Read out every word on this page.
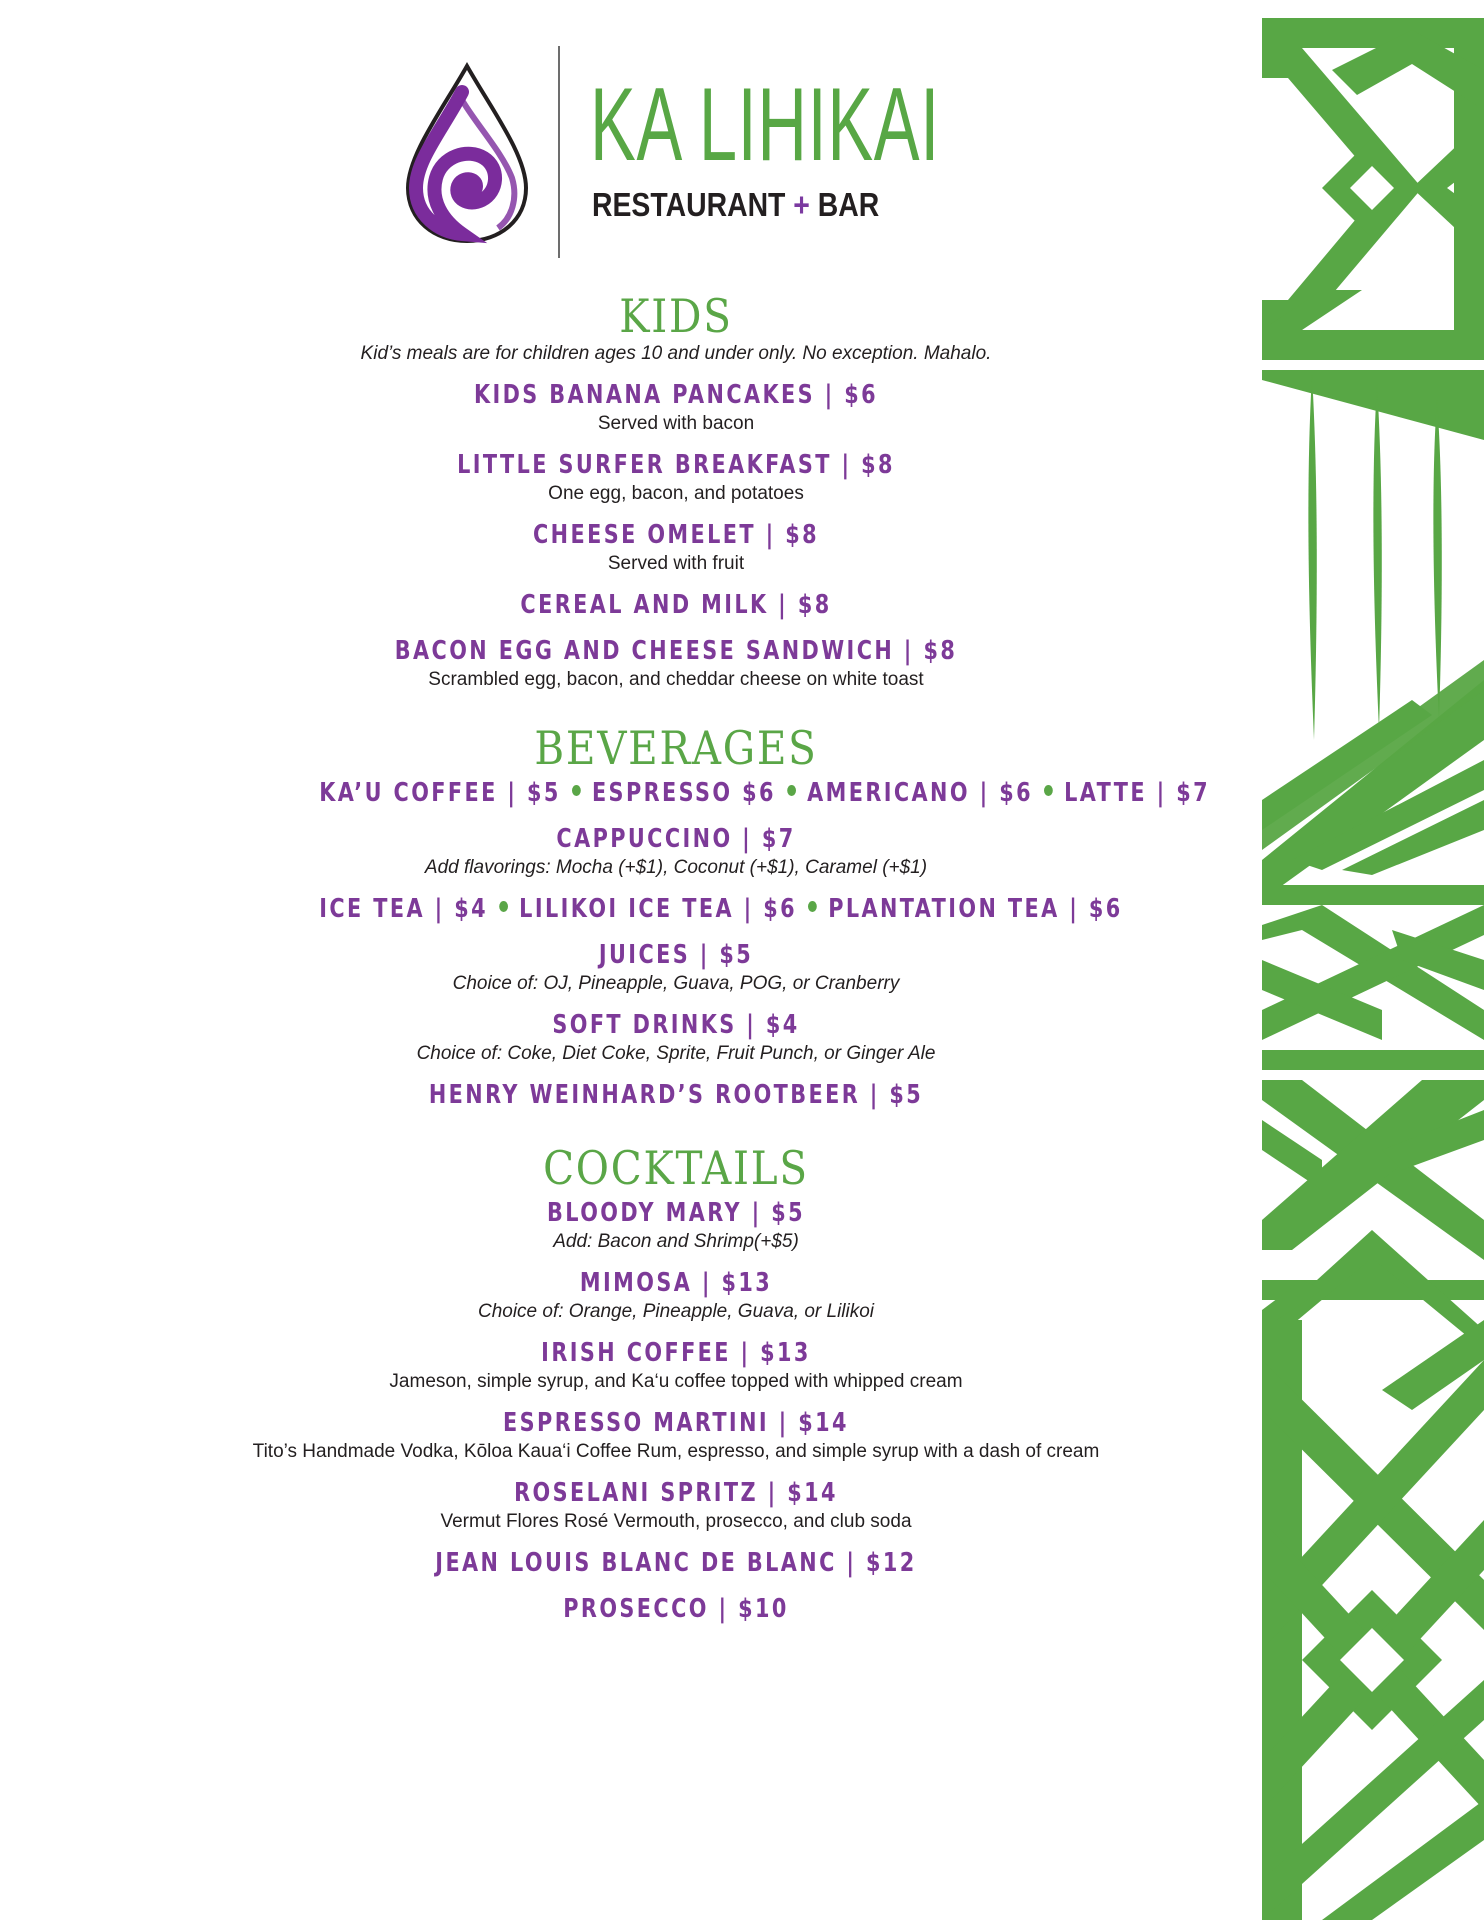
KA LIHIKAI
RESTAURANT + BAR
KIDS
Kid’s meals are for children ages 10 and under only. No exception. Mahalo.
KIDS BANANA PANCAKES | $6
Served with bacon
LITTLE SURFER BREAKFAST | $8
One egg, bacon, and potatoes
CHEESE OMELET | $8
Served with fruit
CEREAL AND MILK | $8
BACON EGG AND CHEESE SANDWICH | $8
Scrambled egg, bacon, and cheddar cheese on white toast
BEVERAGES
KA’U COFFEE | $5 ESPRESSO $6 AMERICANO | $6 LATTE | $7
CAPPUCCINO | $7
Add flavorings: Mocha (+$1), Coconut (+$1), Caramel (+$1)
ICE TEA | $4 LILIKOI ICE TEA | $6 PLANTATION TEA | $6
JUICES | $5
Choice of: OJ, Pineapple, Guava, POG, or Cranberry
SOFT DRINKS | $4
Choice of: Coke, Diet Coke, Sprite, Fruit Punch, or Ginger Ale
HENRY WEINHARD’S ROOTBEER | $5
COCKTAILS
BLOODY MARY | $5
Add: Bacon and Shrimp(+$5)
MIMOSA | $13
Choice of: Orange, Pineapple, Guava, or Lilikoi
IRISH COFFEE | $13
Jameson, simple syrup, and Ka‘u coffee topped with whipped cream
ESPRESSO MARTINI | $14
Tito’s Handmade Vodka, Kōloa Kaua‘i Coffee Rum, espresso, and simple syrup with a dash of cream
ROSELANI SPRITZ | $14
Vermut Flores Rosé Vermouth, prosecco, and club soda
JEAN LOUIS BLANC DE BLANC | $12
PROSECCO | $10
